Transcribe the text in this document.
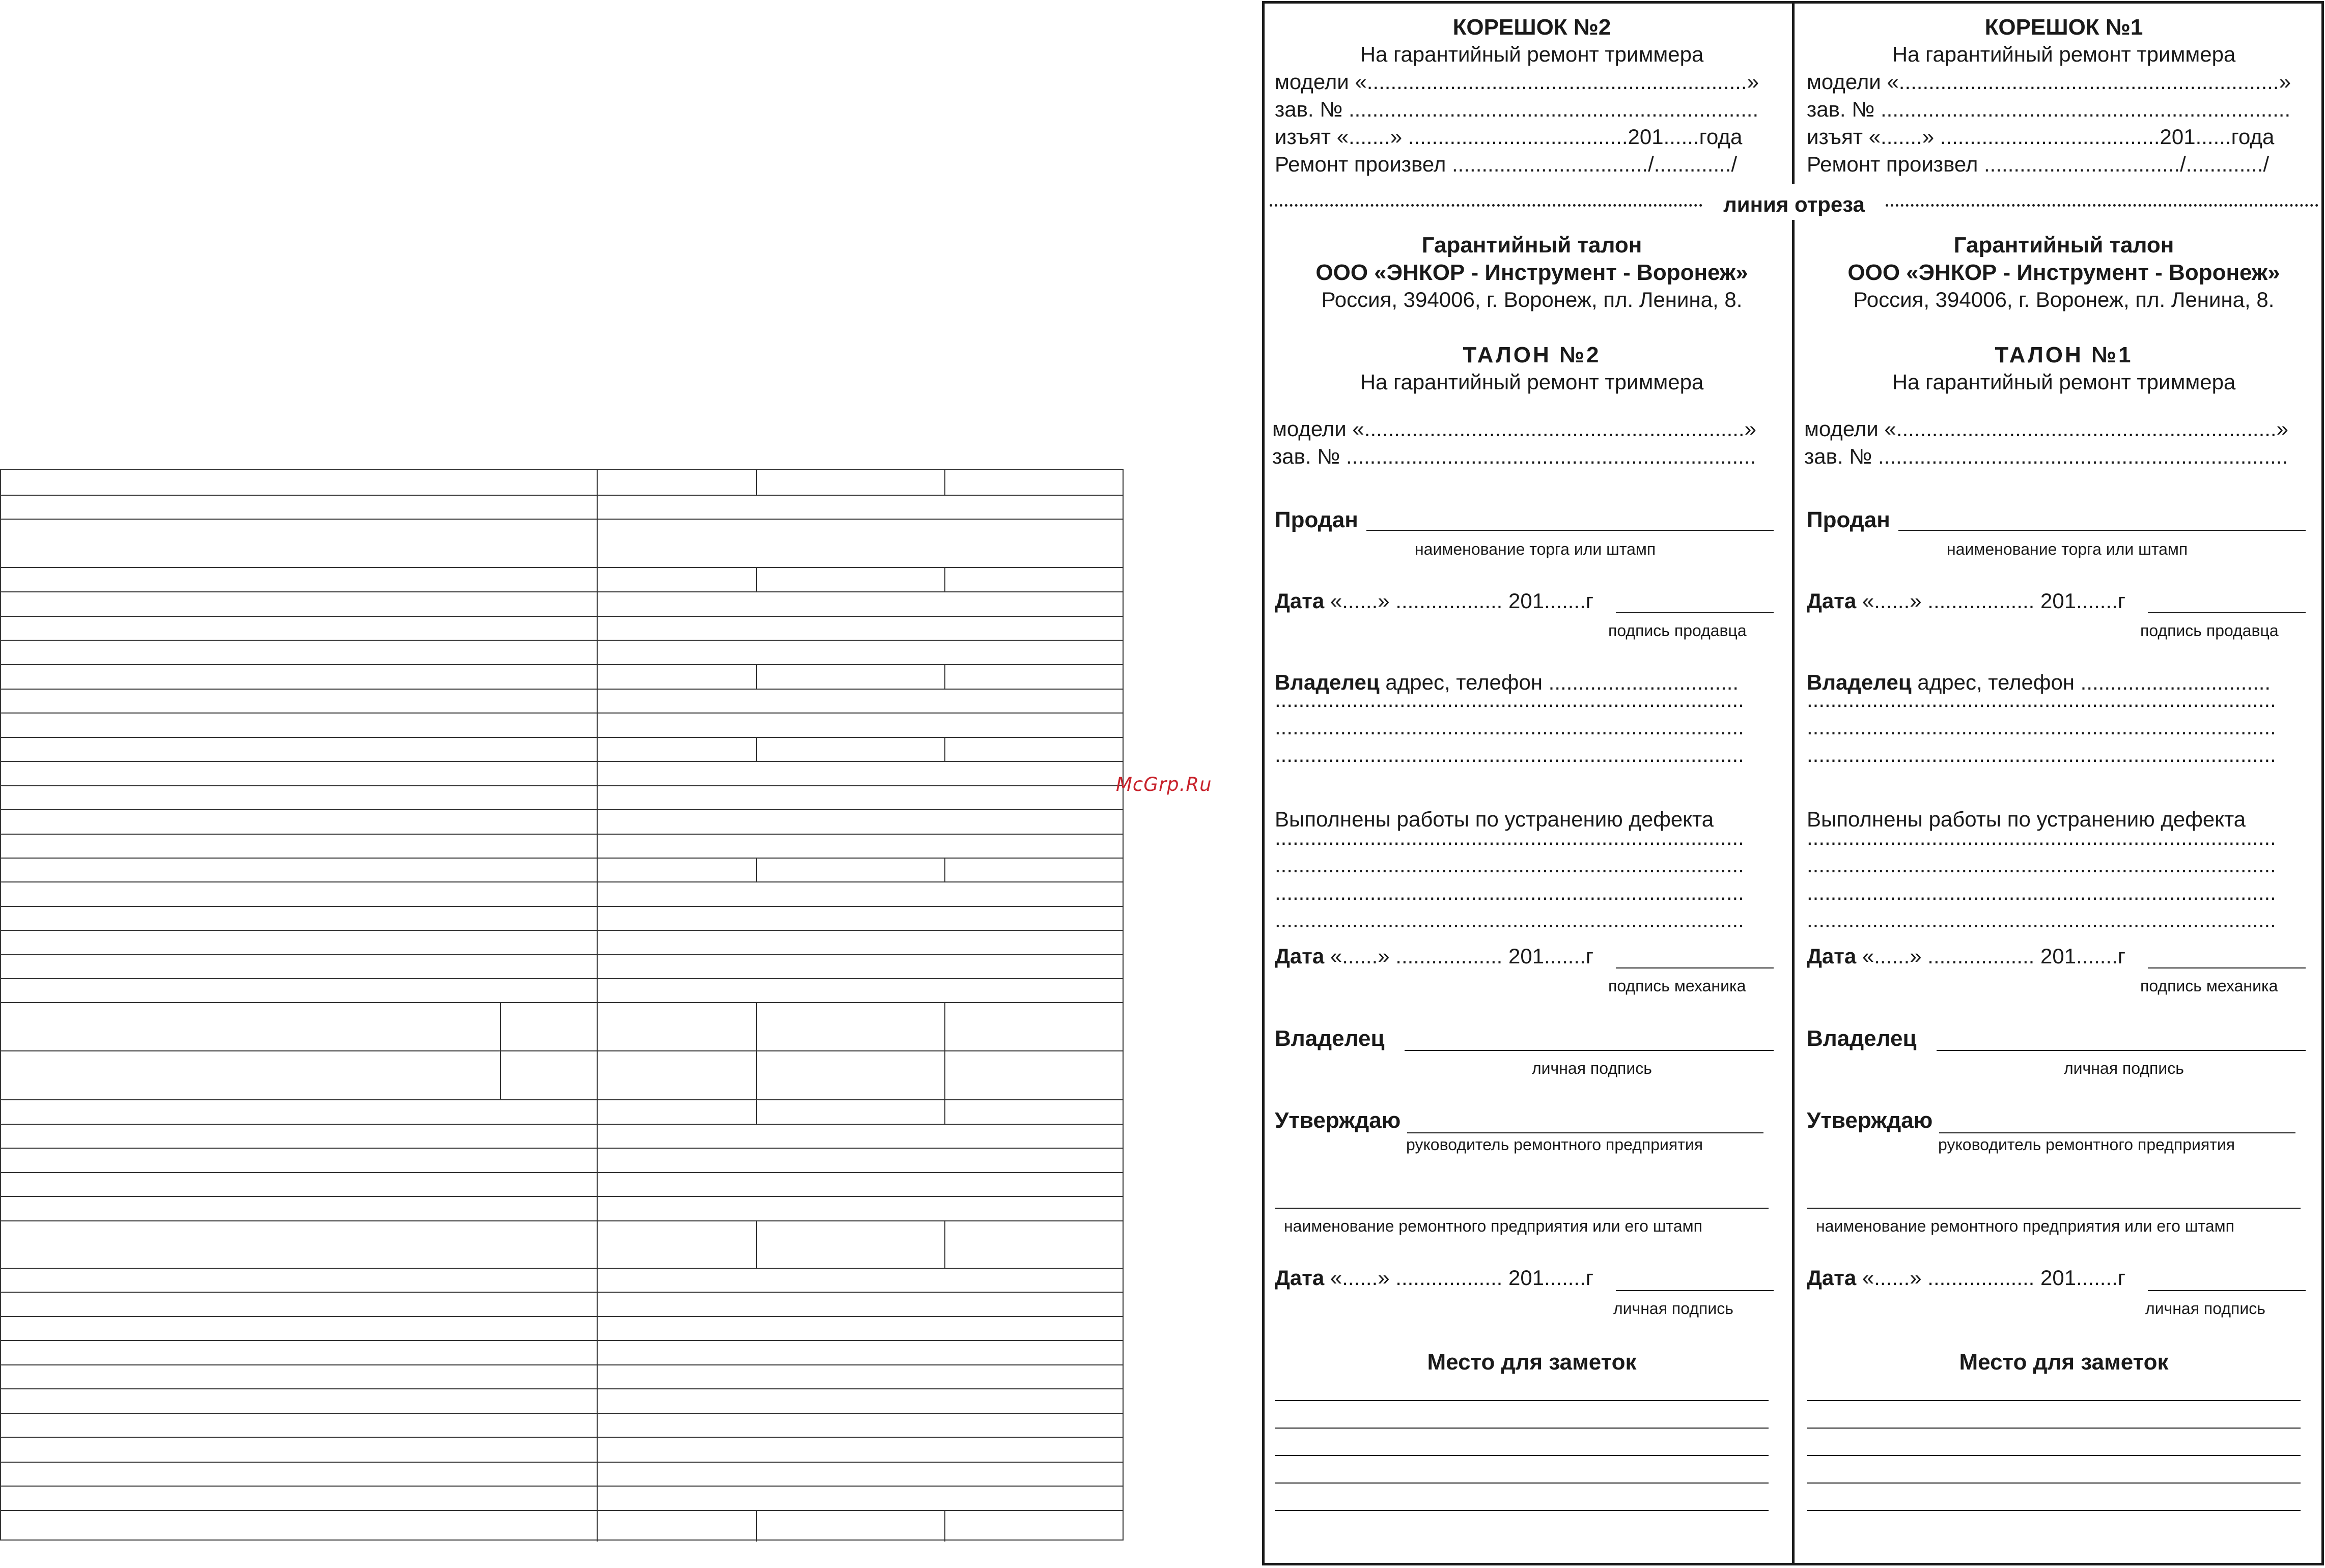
McGrp.Ru
КОРЕШОК №2
На гарантийный ремонт триммера
модели «................................................................»
зав. № .....................................................................
изъят «.......» .....................................201......года
Ремонт произвел ................................./............./
КОРЕШОК №1
На гарантийный ремонт триммера
модели «................................................................»
зав. № .....................................................................
изъят «.......» .....................................201......года
Ремонт произвел ................................./............./
линия отреза
Гарантийный талон
ООО «ЭНКОР - Инструмент - Воронеж»
Россия, 394006, г. Воронеж, пл. Ленина, 8.
ТАЛОН №2
На гарантийный ремонт триммера
модели «................................................................»
зав. № .....................................................................
Продан
наименование торга или штамп
Дата «......» .................. 201.......г
подпись продавца
Владелец адрес, телефон ................................
...............................................................................
...............................................................................
...............................................................................
Выполнены работы по устранению дефекта
...............................................................................
...............................................................................
...............................................................................
...............................................................................
Дата «......» .................. 201.......г
подпись механика
Владелец
личная подпись
Утверждаю
руководитель ремонтного предприятия
наименование ремонтного предприятия или его штамп
Дата «......» .................. 201.......г
личная подпись
Место для заметок
Гарантийный талон
ООО «ЭНКОР - Инструмент - Воронеж»
Россия, 394006, г. Воронеж, пл. Ленина, 8.
ТАЛОН №1
На гарантийный ремонт триммера
модели «................................................................»
зав. № .....................................................................
Продан
наименование торга или штамп
Дата «......» .................. 201.......г
подпись продавца
Владелец адрес, телефон ................................
...............................................................................
...............................................................................
...............................................................................
Выполнены работы по устранению дефекта
...............................................................................
...............................................................................
...............................................................................
...............................................................................
Дата «......» .................. 201.......г
подпись механика
Владелец
личная подпись
Утверждаю
руководитель ремонтного предприятия
наименование ремонтного предприятия или его штамп
Дата «......» .................. 201.......г
личная подпись
Место для заметок
